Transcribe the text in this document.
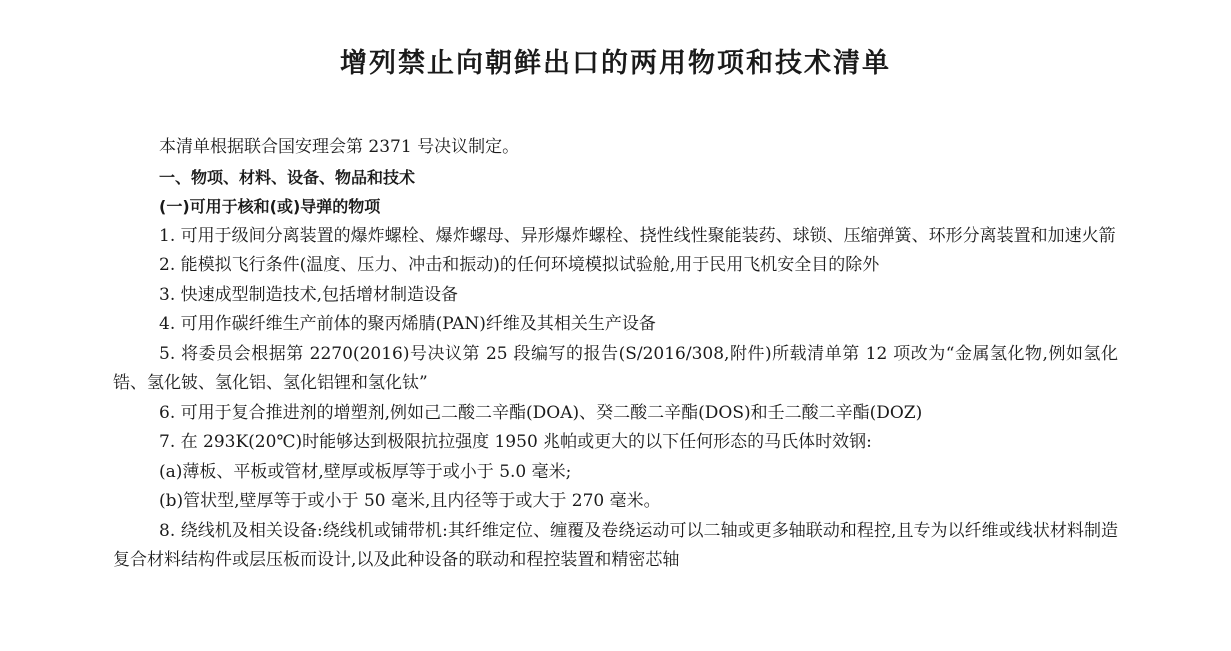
增列禁止向朝鲜出口的两用物项和技术清单

本清单根据联合国安理会第 2371 号决议制定。

一、物项、材料、设备、物品和技术

(一)可用于核和(或)导弹的物项

1. 可用于级间分离装置的爆炸螺栓、爆炸螺母、异形爆炸螺栓、挠性线性聚能装药、球锁、压缩弹簧、环形分离装置和加速火箭

2. 能模拟飞行条件(温度、压力、冲击和振动)的任何环境模拟试验舱,用于民用飞机安全目的除外

3. 快速成型制造技术,包括增材制造设备

4. 可用作碳纤维生产前体的聚丙烯腈(PAN)纤维及其相关生产设备

5. 将委员会根据第 2270(2016)号决议第 25 段编写的报告(S/2016/308,附件)所载清单第 12 项改为“金属氢化物,例如氢化锆、氢化铍、氢化铝、氢化铝锂和氢化钛”

6. 可用于复合推进剂的增塑剂,例如己二酸二辛酯(DOA)、癸二酸二辛酯(DOS)和壬二酸二辛酯(DOZ)

7. 在 293K(20℃)时能够达到极限抗拉强度 1950 兆帕或更大的以下任何形态的马氏体时效钢:

(a)薄板、平板或管材,壁厚或板厚等于或小于 5.0 毫米;

(b)管状型,壁厚等于或小于 50 毫米,且内径等于或大于 270 毫米。

8. 绕线机及相关设备:绕线机或铺带机:其纤维定位、缠覆及卷绕运动可以二轴或更多轴联动和程控,且专为以纤维或线状材料制造复合材料结构件或层压板而设计,以及此种设备的联动和程控装置和精密芯轴
